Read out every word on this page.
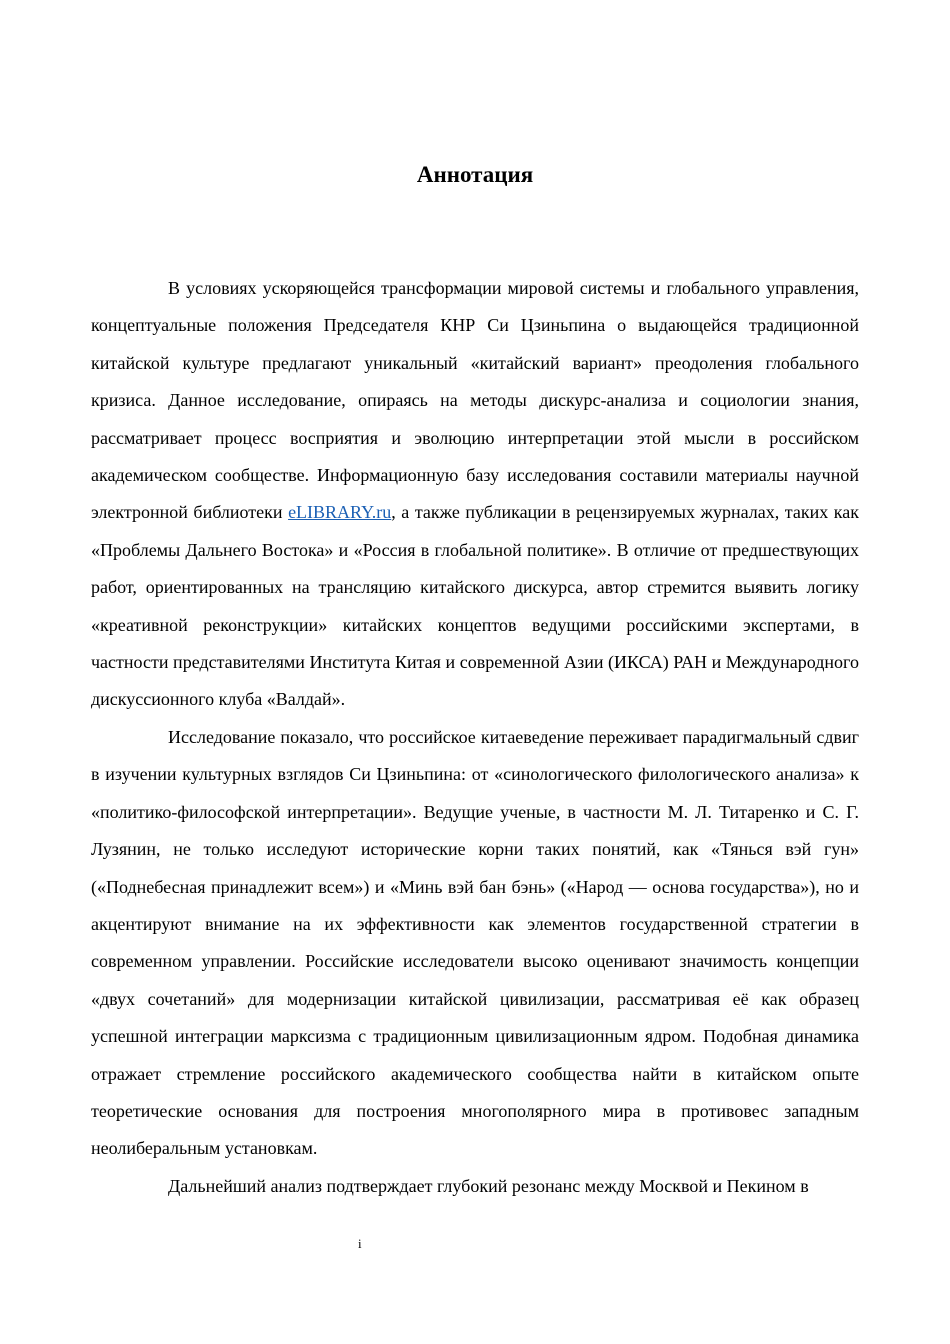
Аннотация

В условиях ускоряющейся трансформации мировой системы и глобального управления, концептуальные положения Председателя КНР Си Цзиньпина о выдающейся традиционной китайской культуре предлагают уникальный «китайский вариант» преодоления глобального кризиса. Данное исследование, опираясь на методы дискурс-анализа и социологии знания, рассматривает процесс восприятия и эволюцию интерпретации этой мысли в российском академическом сообществе. Информационную базу исследования составили материалы научной электронной библиотеки eLIBRARY.ru, а также публикации в рецензируемых журналах, таких как «Проблемы Дальнего Востока» и «Россия в глобальной политике». В отличие от предшествующих работ, ориентированных на трансляцию китайского дискурса, автор стремится выявить логику «креативной реконструкции» китайских концептов ведущими российскими экспертами, в частности представителями Института Китая и современной Азии (ИКСА) РАН и Международного дискуссионного клуба «Валдай».

Исследование показало, что российское китаеведение переживает парадигмальный сдвиг в изучении культурных взглядов Си Цзиньпина: от «синологического филологического анализа» к «политико-философской интерпретации». Ведущие ученые, в частности М. Л. Титаренко и С. Г. Лузянин, не только исследуют исторические корни таких понятий, как «Тянься вэй гун» («Поднебесная принадлежит всем») и «Минь вэй бан бэнь» («Народ — основа государства»), но и акцентируют внимание на их эффективности как элементов государственной стратегии в современном управлении. Российские исследователи высоко оценивают значимость концепции «двух сочетаний» для модернизации китайской цивилизации, рассматривая её как образец успешной интеграции марксизма с традиционным цивилизационным ядром. Подобная динамика отражает стремление российского академического сообщества найти в китайском опыте теоретические основания для построения многополярного мира в противовес западным неолиберальным установкам.

Дальнейший анализ подтверждает глубокий резонанс между Москвой и Пекином в

i
